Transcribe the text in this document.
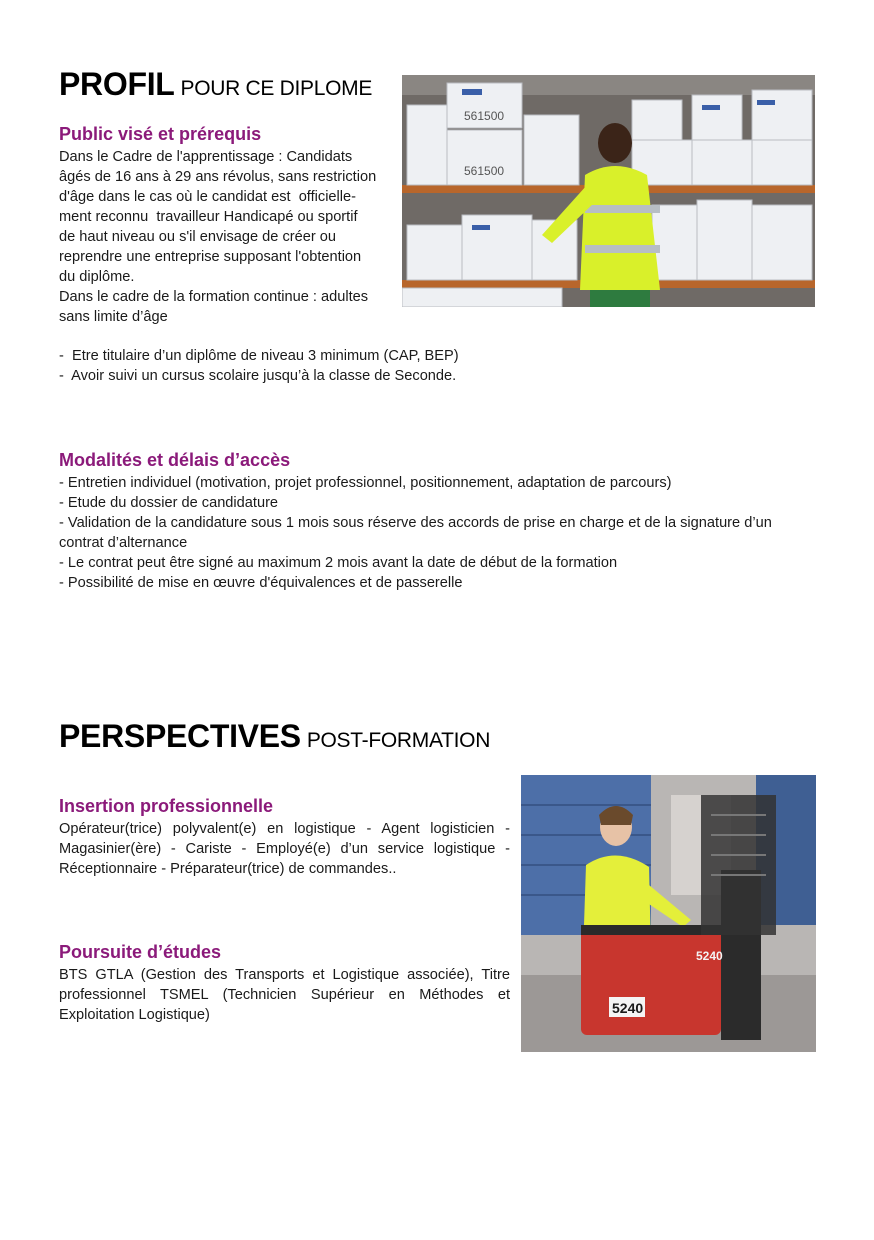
PROFIL POUR CE DIPLOME
Public visé et prérequis
Dans le Cadre de l'apprentissage : Candidats
âgés de 16 ans à 29 ans révolus, sans restriction
d'âge dans le cas où le candidat est  officielle-
ment reconnu  travailleur Handicapé ou sportif
de haut niveau ou s'il envisage de créer ou
reprendre une entreprise supposant l'obtention
du diplôme.
Dans le cadre de la formation continue : adultes
sans limite d’âge
-  Etre titulaire d’un diplôme de niveau 3 minimum (CAP, BEP)
-  Avoir suivi un cursus scolaire jusqu’à la classe de Seconde.
561500
561500
Modalités et délais d’accès
- Entretien individuel (motivation, projet professionnel, positionnement, adaptation de parcours)
- Etude du dossier de candidature
- Validation de la candidature sous 1 mois sous réserve des accords de prise en charge et de la signature d’un
contrat d’alternance
- Le contrat peut être signé au maximum 2 mois avant la date de début de la formation
- Possibilité de mise en œuvre d'équivalences et de passerelle
PERSPECTIVES POST-FORMATION
Insertion professionnelle

Opérateur(trice) polyvalent(e) en logistique - Agent logisticien - Magasinier(ère) - Cariste - Employé(e) d’un service logistique - Réceptionnaire - Préparateur(trice) de commandes..

Poursuite d’études

BTS GTLA (Gestion des Transports et Logistique associée), Titre professionnel TSMEL (Technicien Supérieur en Méthodes et Exploitation Logistique)	5240
5240
